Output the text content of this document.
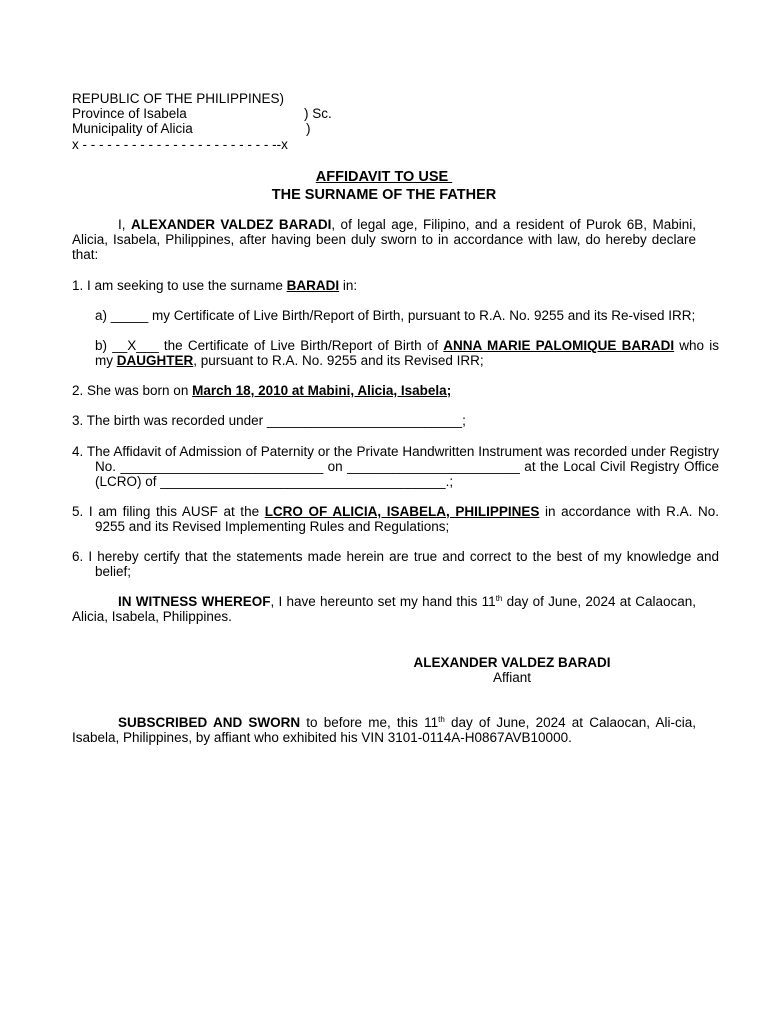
REPUBLIC OF THE PHILIPPINES)
Province of Isabela	) Sc.
Municipality of Alicia	)
x - - - - - - - - - - - - - - - - - - - - - - - --x
AFFIDAVIT TO USE
THE SURNAME OF THE FATHER
I, ALEXANDER VALDEZ BARADI, of legal age, Filipino, and a resident of Purok 6B, Mabini, Alicia, Isabela, Philippines, after having been duly sworn to in accordance with law, do hereby declare that:
1. I am seeking to use the surname BARADI in:
a) _____ my Certificate of Live Birth/Report of Birth, pursuant to R.A. No. 9255 and its Re-vised IRR;
b) __X___ the Certificate of Live Birth/Report of Birth of ANNA MARIE PALOMIQUE BARADI who is my DAUGHTER, pursuant to R.A. No. 9255 and its Revised IRR;
2. She was born on March 18, 2010 at Mabini, Alicia, Isabela;
3. The birth was recorded under __________________________;
4. The Affidavit of Admission of Paternity or the Private Handwritten Instrument was recorded under Registry No. ___________________________ on _______________________ at the Local Civil Registry Office (LCRO) of ______________________________________.;
5. I am filing this AUSF at the LCRO OF ALICIA, ISABELA, PHILIPPINES in accordance with R.A. No. 9255 and its Revised Implementing Rules and Regulations;
6. I hereby certify that the statements made herein are true and correct to the best of my knowledge and belief;
IN WITNESS WHEREOF, I have hereunto set my hand this 11th day of June, 2024 at Calaocan, Alicia, Isabela, Philippines.
ALEXANDER VALDEZ BARADI
Affiant
SUBSCRIBED AND SWORN to before me, this 11th day of June, 2024 at Calaocan, Ali-cia, Isabela, Philippines, by affiant who exhibited his VIN 3101-0114A-H0867AVB10000.
